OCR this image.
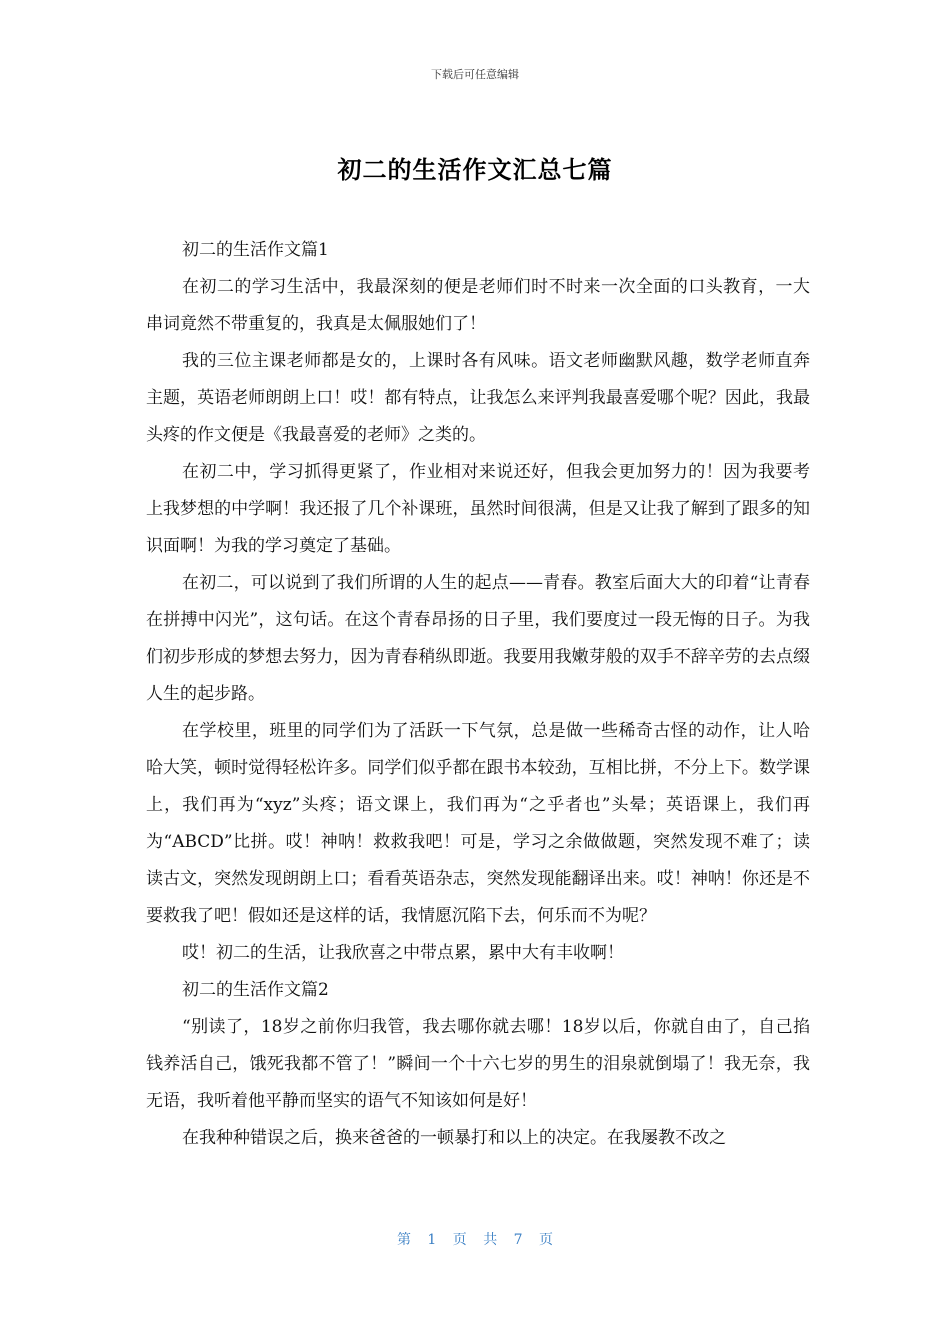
下载后可任意编辑
初二的生活作文汇总七篇

初二的生活作文篇1

在初二的学习生活中，我最深刻的便是老师们时不时来一次全面的口头教育，一大串词竟然不带重复的，我真是太佩服她们了！

我的三位主课老师都是女的，上课时各有风味。语文老师幽默风趣，数学老师直奔主题，英语老师朗朗上口！哎！都有特点，让我怎么来评判我最喜爱哪个呢？因此，我最头疼的作文便是《我最喜爱的老师》之类的。

在初二中，学习抓得更紧了，作业相对来说还好，但我会更加努力的！因为我要考上我梦想的中学啊！我还报了几个补课班，虽然时间很满，但是又让我了解到了跟多的知识面啊！为我的学习奠定了基础。

在初二，可以说到了我们所谓的人生的起点——青春。教室后面大大的印着“让青春在拼搏中闪光”，这句话。在这个青春昂扬的日子里，我们要度过一段无悔的日子。为我们初步形成的梦想去努力，因为青春稍纵即逝。我要用我嫩芽般的双手不辞辛劳的去点缀人生的起步路。

在学校里，班里的同学们为了活跃一下气氛，总是做一些稀奇古怪的动作，让人哈哈大笑，顿时觉得轻松许多。同学们似乎都在跟书本较劲，互相比拼，不分上下。数学课上，我们再为“xyz”头疼；语文课上，我们再为“之乎者也”头晕；英语课上，我们再为“ABCD”比拼。哎！神呐！救救我吧！可是，学习之余做做题，突然发现不难了；读读古文，突然发现朗朗上口；看看英语杂志，突然发现能翻译出来。哎！神呐！你还是不要救我了吧！假如还是这样的话，我情愿沉陷下去，何乐而不为呢？

哎！初二的生活，让我欣喜之中带点累，累中大有丰收啊！

初二的生活作文篇2

“别读了，18岁之前你归我管，我去哪你就去哪！18岁以后，你就自由了，自己掐钱养活自己，饿死我都不管了！”瞬间一个十六七岁的男生的泪泉就倒塌了！我无奈，我无语，我听着他平静而坚实的语气不知该如何是好！

在我种种错误之后，换来爸爸的一顿暴打和以上的决定。在我屡教不改之

第 1 页 共 7 页
